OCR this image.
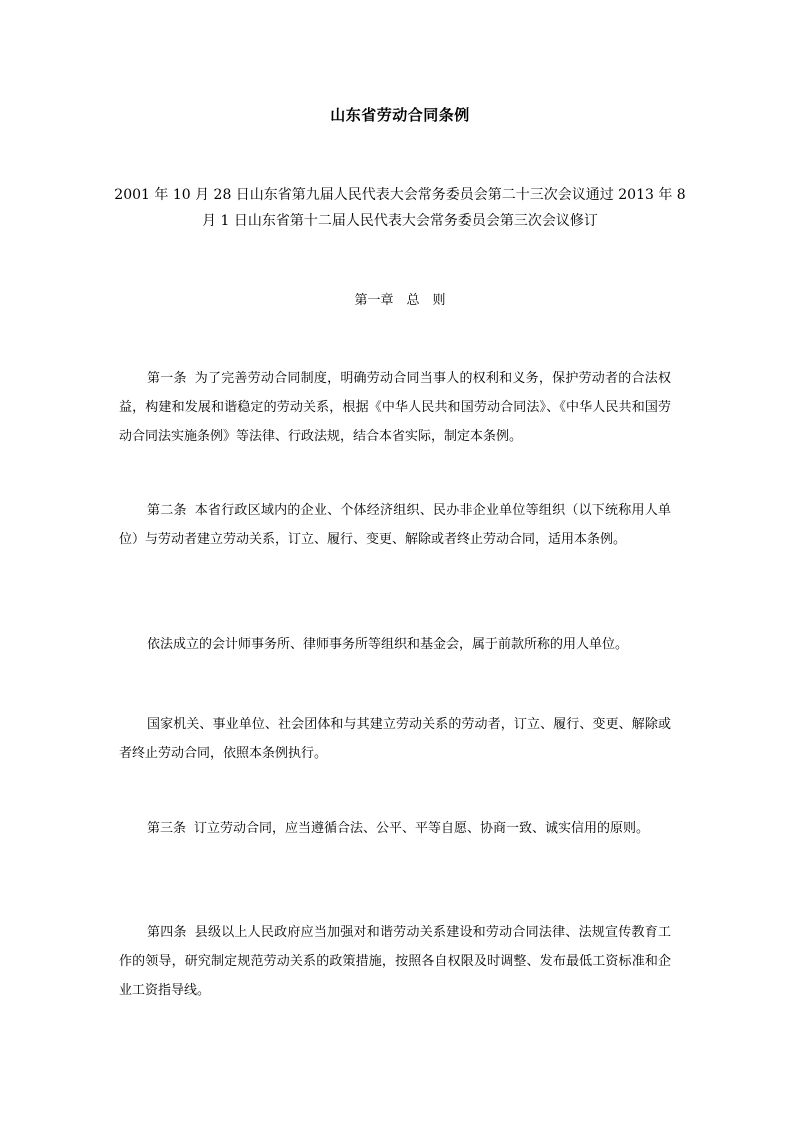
山东省劳动合同条例
2001 年 10 月 28 日山东省第九届人民代表大会常务委员会第二十三次会议通过 2013 年 8 月 1 日山东省第十二届人民代表大会常务委员会第三次会议修订
第一章　总　则
第一条 为了完善劳动合同制度，明确劳动合同当事人的权利和义务，保护劳动者的合法权益，构建和发展和谐稳定的劳动关系，根据《中华人民共和国劳动合同法》、《中华人民共和国劳动合同法实施条例》等法律、行政法规，结合本省实际，制定本条例。
第二条 本省行政区域内的企业、个体经济组织、民办非企业单位等组织（以下统称用人单位）与劳动者建立劳动关系，订立、履行、变更、解除或者终止劳动合同，适用本条例。
依法成立的会计师事务所、律师事务所等组织和基金会，属于前款所称的用人单位。
国家机关、事业单位、社会团体和与其建立劳动关系的劳动者，订立、履行、变更、解除或者终止劳动合同，依照本条例执行。
第三条 订立劳动合同，应当遵循合法、公平、平等自愿、协商一致、诚实信用的原则。
第四条 县级以上人民政府应当加强对和谐劳动关系建设和劳动合同法律、法规宣传教育工作的领导，研究制定规范劳动关系的政策措施，按照各自权限及时调整、发布最低工资标准和企业工资指导线。
